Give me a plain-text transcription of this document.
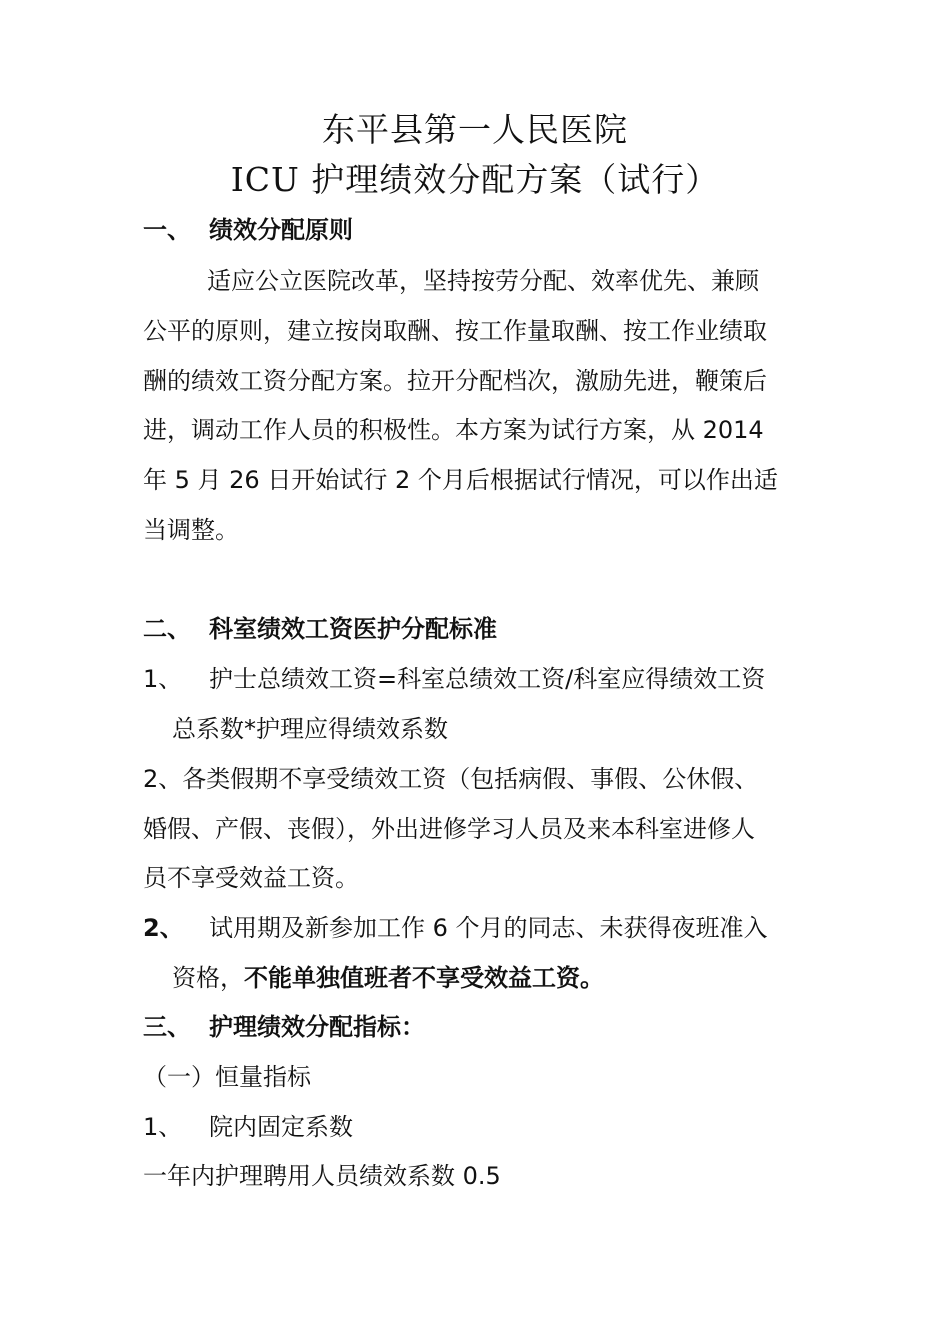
东平县第一人民医院
ICU 护理绩效分配方案（试行）
一、 绩效分配原则
适应公立医院改革，坚持按劳分配、效率优先、兼顾
公平的原则，建立按岗取酬、按工作量取酬、按工作业绩取
酬的绩效工资分配方案。拉开分配档次，激励先进，鞭策后
进，调动工作人员的积极性。本方案为试行方案，从 2014
年 5 月 26 日开始试行 2 个月后根据试行情况，可以作出适
当调整。
二、 科室绩效工资医护分配标准
1、 护士总绩效工资=科室总绩效工资/科室应得绩效工资
总系数*护理应得绩效系数
2、各类假期不享受绩效工资（包括病假、事假、公休假、
婚假、产假、丧假），外出进修学习人员及来本科室进修人
员不享受效益工资。
2、 试用期及新参加工作 6 个月的同志、未获得夜班准入
资格，不能单独值班者不享受效益工资。
三、 护理绩效分配指标：
（一）恒量指标
1、 院内固定系数
一年内护理聘用人员绩效系数 0.5
